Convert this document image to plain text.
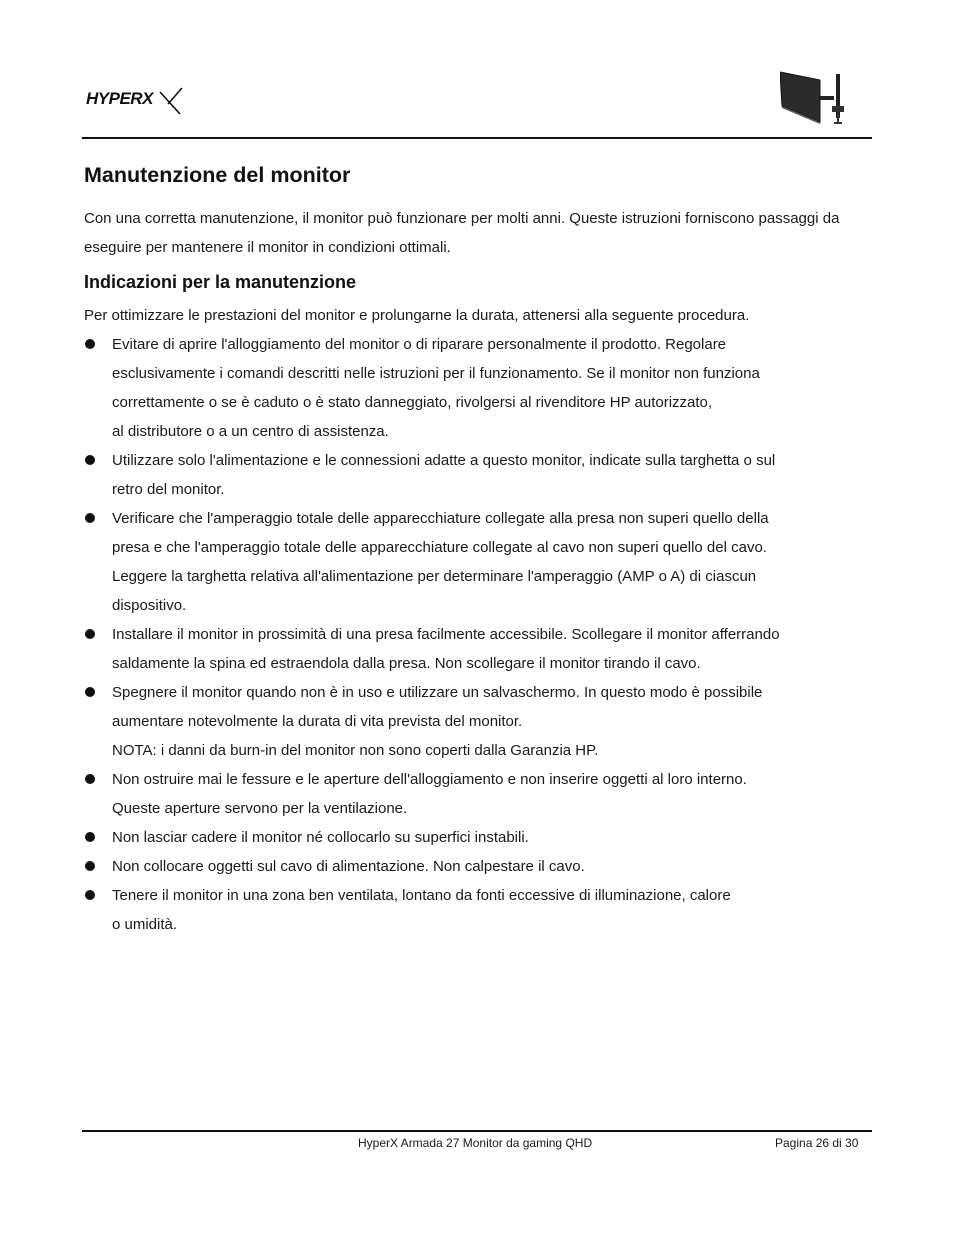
HYPERX
Manutenzione del monitor

Con una corretta manutenzione, il monitor può funzionare per molti anni. Queste istruzioni forniscono passaggi da eseguire per mantenere il monitor in condizioni ottimali.

Indicazioni per la manutenzione

Per ottimizzare le prestazioni del monitor e prolungarne la durata, attenersi alla seguente procedura.

Evitare di aprire l'alloggiamento del monitor o di riparare personalmente il prodotto. Regolare
esclusivamente i comandi descritti nelle istruzioni per il funzionamento. Se il monitor non funziona
correttamente o se è caduto o è stato danneggiato, rivolgersi al rivenditore HP autorizzato,
al distributore o a un centro di assistenza.
Utilizzare solo l'alimentazione e le connessioni adatte a questo monitor, indicate sulla targhetta o sul
retro del monitor.
Verificare che l'amperaggio totale delle apparecchiature collegate alla presa non superi quello della
presa e che l'amperaggio totale delle apparecchiature collegate al cavo non superi quello del cavo.
Leggere la targhetta relativa all'alimentazione per determinare l'amperaggio (AMP o A) di ciascun
dispositivo.
Installare il monitor in prossimità di una presa facilmente accessibile. Scollegare il monitor afferrando
saldamente la spina ed estraendola dalla presa. Non scollegare il monitor tirando il cavo.
Spegnere il monitor quando non è in uso e utilizzare un salvaschermo. In questo modo è possibile
aumentare notevolmente la durata di vita prevista del monitor.
NOTA: i danni da burn-in del monitor non sono coperti dalla Garanzia HP.
Non ostruire mai le fessure e le aperture dell'alloggiamento e non inserire oggetti al loro interno.
Queste aperture servono per la ventilazione.
Non lasciar cadere il monitor né collocarlo su superfici instabili.
Non collocare oggetti sul cavo di alimentazione. Non calpestare il cavo.
Tenere il monitor in una zona ben ventilata, lontano da fonti eccessive di illuminazione, calore
o umidità.
HyperX Armada 27 Monitor da gaming QHD	Pagina 26 di 30
